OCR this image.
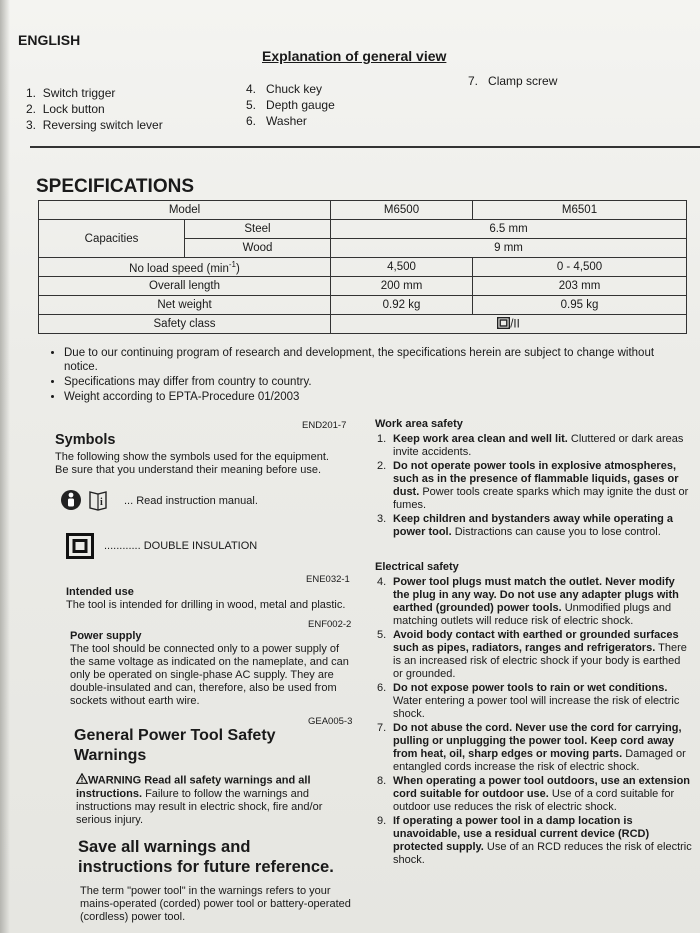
ENGLISH
Explanation of general view
1. Switch trigger
2. Lock button
3. Reversing switch lever
4. Chuck key
5. Depth gauge
6. Washer
7. Clamp screw
SPECIFICATIONS
Model		M6500	M6501
Capacities	Steel	6.5 mm	
	Wood	9 mm	
No load speed $(\min^{-1})$		4,500	0 - 4,500
Overall length		200 mm	203 mm
Net weight		0.92 kg	0.95 kg
Safety class		/II	
• Due to our continuing program of research and development, the specifications herein are subject to change without notice.
• Specifications may differ from country to country.
• Weight according to EPTA-Procedure 01/2003
END201-7
Symbols
The following show the symbols used for the equipment.
Be sure that you understand their meaning before use.
i ... Read instruction manual.
............ DOUBLE INSULATION
ENE032-1
Intended use
The tool is intended for drilling in wood, metal and plastic.
ENF002-2
Power supply
The tool should be connected only to a power supply of
the same voltage as indicated on the nameplate, and can
only be operated on single-phase AC supply. They are
double-insulated and can, therefore, also be used from
sockets without earth wire.
GEA005-3
General Power Tool Safety
Warnings
WARNING Read all safety warnings and all
instructions. Failure to follow the warnings and
instructions may result in electric shock, fire and/or
serious injury.
Save all warnings and
instructions for future reference.
The term "power tool" in the warnings refers to your
mains-operated (corded) power tool or battery-operated
(cordless) power tool.
Work area safety
1. Keep work area clean and well lit. Cluttered or dark areas invite accidents.
2. Do not operate power tools in explosive atmospheres, such as in the presence of flammable liquids, gases or dust. Power tools create sparks which may ignite the dust or fumes.
3. Keep children and bystanders away while operating a power tool. Distractions can cause you to lose control.
Electrical safety
4. Power tool plugs must match the outlet. Never modify the plug in any way. Do not use any adapter plugs with earthed (grounded) power tools. Unmodified plugs and matching outlets will reduce risk of electric shock.
5. Avoid body contact with earthed or grounded surfaces such as pipes, radiators, ranges and refrigerators. There is an increased risk of electric shock if your body is earthed or grounded.
6. Do not expose power tools to rain or wet conditions. Water entering a power tool will increase the risk of electric shock.
7. Do not abuse the cord. Never use the cord for carrying, pulling or unplugging the power tool. Keep cord away from heat, oil, sharp edges or moving parts. Damaged or entangled cords increase the risk of electric shock.
8. When operating a power tool outdoors, use an extension cord suitable for outdoor use. Use of a cord suitable for outdoor use reduces the risk of electric shock.
9. If operating a power tool in a damp location is unavoidable, use a residual current device (RCD) protected supply. Use of an RCD reduces the risk of electric shock.
